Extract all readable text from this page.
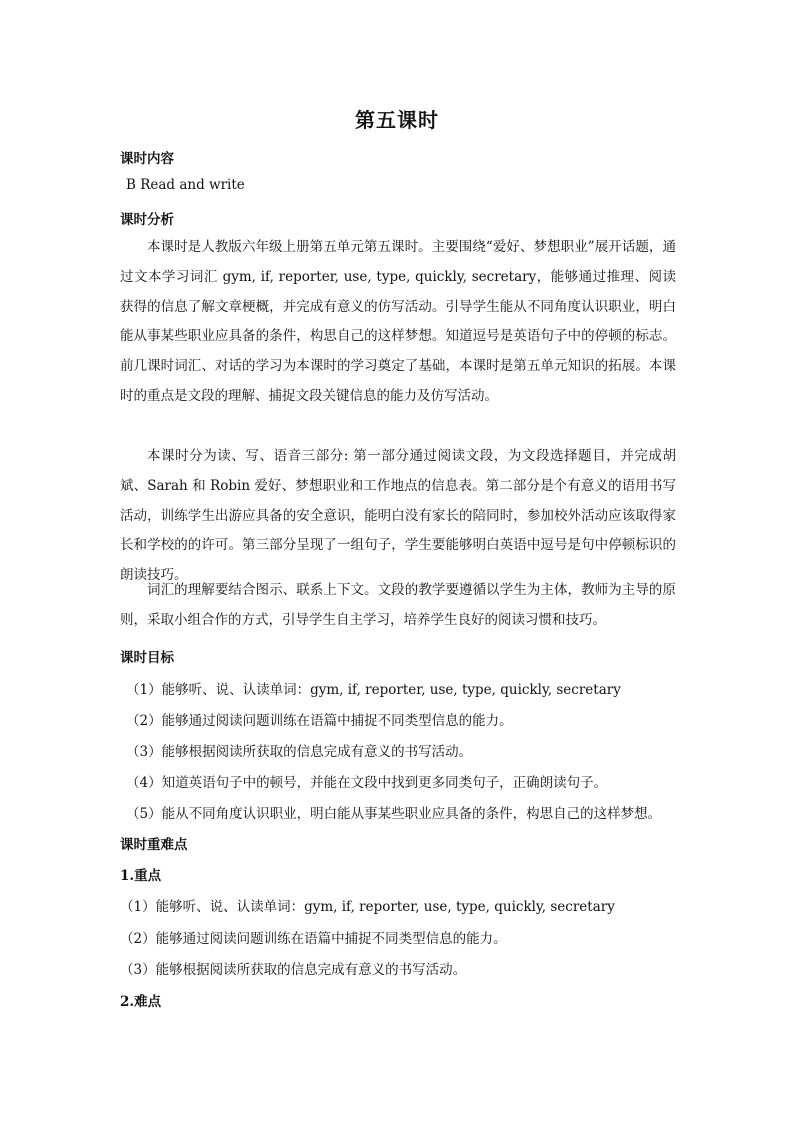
第五课时
课时内容
B Read and write
课时分析
本课时是人教版六年级上册第五单元第五课时。主要围绕“爱好、梦想职业”展开话题，通过文本学习词汇 gym, if, reporter, use, type, quickly, secretary，能够通过推理、阅读获得的信息了解文章梗概，并完成有意义的仿写活动。引导学生能从不同角度认识职业，明白能从事某些职业应具备的条件，构思自己的这样梦想。知道逗号是英语句子中的停顿的标志。前几课时词汇、对话的学习为本课时的学习奠定了基础，本课时是第五单元知识的拓展。本课时的重点是文段的理解、捕捉文段关键信息的能力及仿写活动。
本课时分为读、写、语音三部分: 第一部分通过阅读文段，为文段选择题目，并完成胡斌、Sarah 和 Robin 爱好、梦想职业和工作地点的信息表。第二部分是个有意义的语用书写活动，训练学生出游应具备的安全意识，能明白没有家长的陪同时，参加校外活动应该取得家长和学校的的许可。第三部分呈现了一组句子，学生要能够明白英语中逗号是句中停顿标识的朗读技巧。
词汇的理解要结合图示、联系上下文。文段的教学要遵循以学生为主体，教师为主导的原则，采取小组合作的方式，引导学生自主学习，培养学生良好的阅读习惯和技巧。
课时目标
（1）能够听、说、认读单词：gym, if, reporter, use, type, quickly, secretary
（2）能够通过阅读问题训练在语篇中捕捉不同类型信息的能力。
（3）能够根据阅读所获取的信息完成有意义的书写活动。
（4）知道英语句子中的顿号，并能在文段中找到更多同类句子，正确朗读句子。
（5）能从不同角度认识职业，明白能从事某些职业应具备的条件，构思自己的这样梦想。
课时重难点
1.重点
（1）能够听、说、认读单词：gym, if, reporter, use, type, quickly, secretary
（2）能够通过阅读问题训练在语篇中捕捉不同类型信息的能力。
（3）能够根据阅读所获取的信息完成有意义的书写活动。
2.难点
